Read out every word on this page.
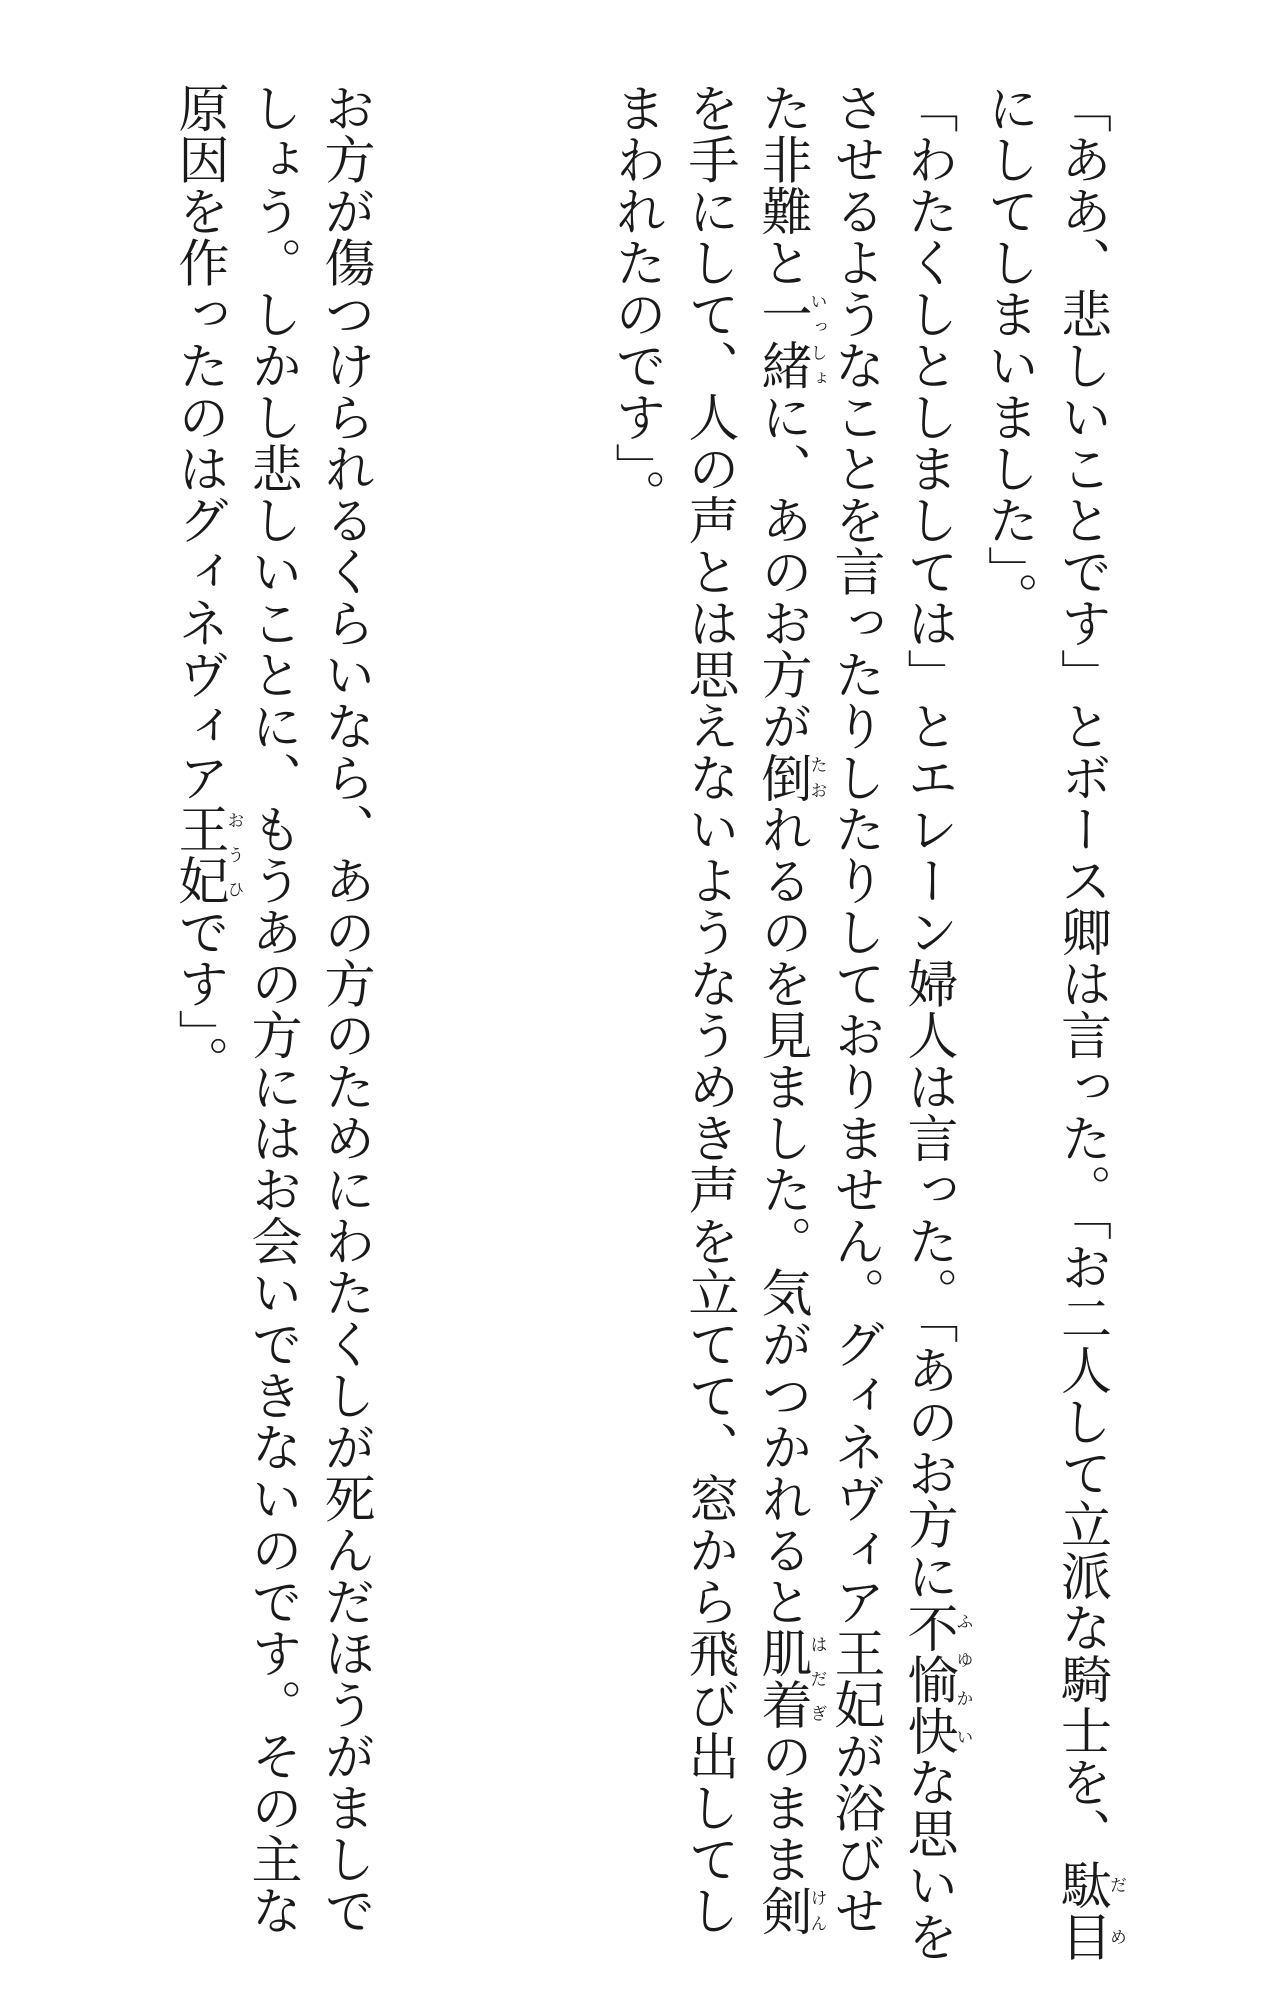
「ああ、悲しいことです」とボース卿は言った。「お二人して立派な騎士を、駄目だめにしてしまいました」。

「わたくしとしましては」とエレーン婦人は言った。「あのお方に不愉快ふゆかいな思いをさせるようなことを言ったりしたりしておりません。グィネヴィア王妃が浴びせた非難と一緒いっしょに、あのお方が倒たおれるのを見ました。気がつかれると肌着はだぎのまま剣けんを手にして、人の声とは思えないようなうめき声を立てて、窓から飛び出してしまわれたのです」。

お方が傷つけられるくらいなら、あの方のためにわたくしが死んだほうがましでしょう。しかし悲しいことに、もうあの方にはお会いできないのです。その主な原因を作ったのはグィネヴィア王妃おうひです」。
